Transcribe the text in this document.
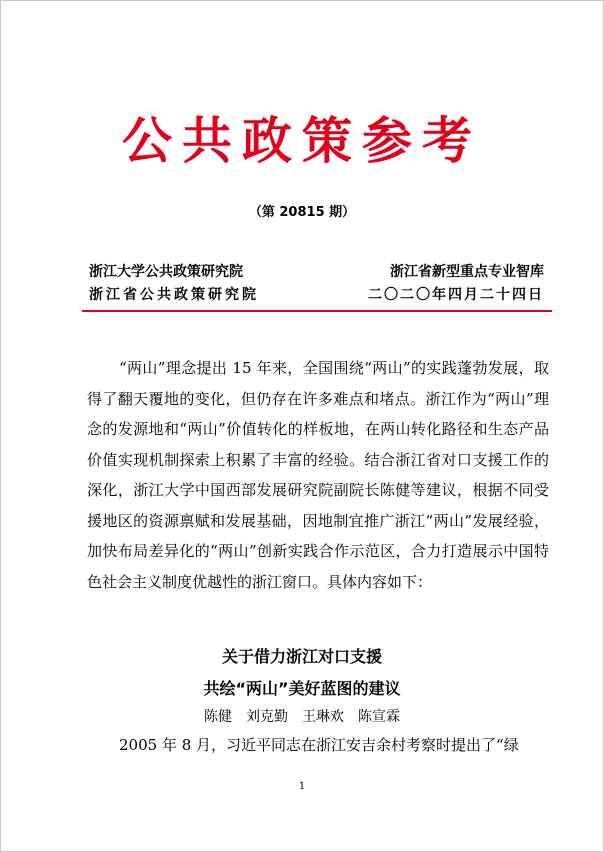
公共政策参考
（第 20815 期）
浙江大学公共政策研究院	浙江省新型重点专业智库
浙江省公共政策研究院	二〇二〇年四月二十四日

“两山”理念提出 15 年来，全国围绕“两山”的实践蓬勃发展，取得了翻天覆地的变化，但仍存在许多难点和堵点。浙江作为“两山”理念的发源地和“两山”价值转化的样板地，在两山转化路径和生态产品价值实现机制探索上积累了丰富的经验。结合浙江省对口支援工作的深化，浙江大学中国西部发展研究院副院长陈健等建议，根据不同受援地区的资源禀赋和发展基础，因地制宜推广浙江“两山”发展经验，加快布局差异化的“两山”创新实践合作示范区，合力打造展示中国特色社会主义制度优越性的浙江窗口。具体内容如下：

关于借力浙江对口支援
共绘“两山”美好蓝图的建议
陈健　刘克勤　王琳欢　陈宣霖

2005 年 8 月，习近平同志在浙江安吉余村考察时提出了“绿

1
